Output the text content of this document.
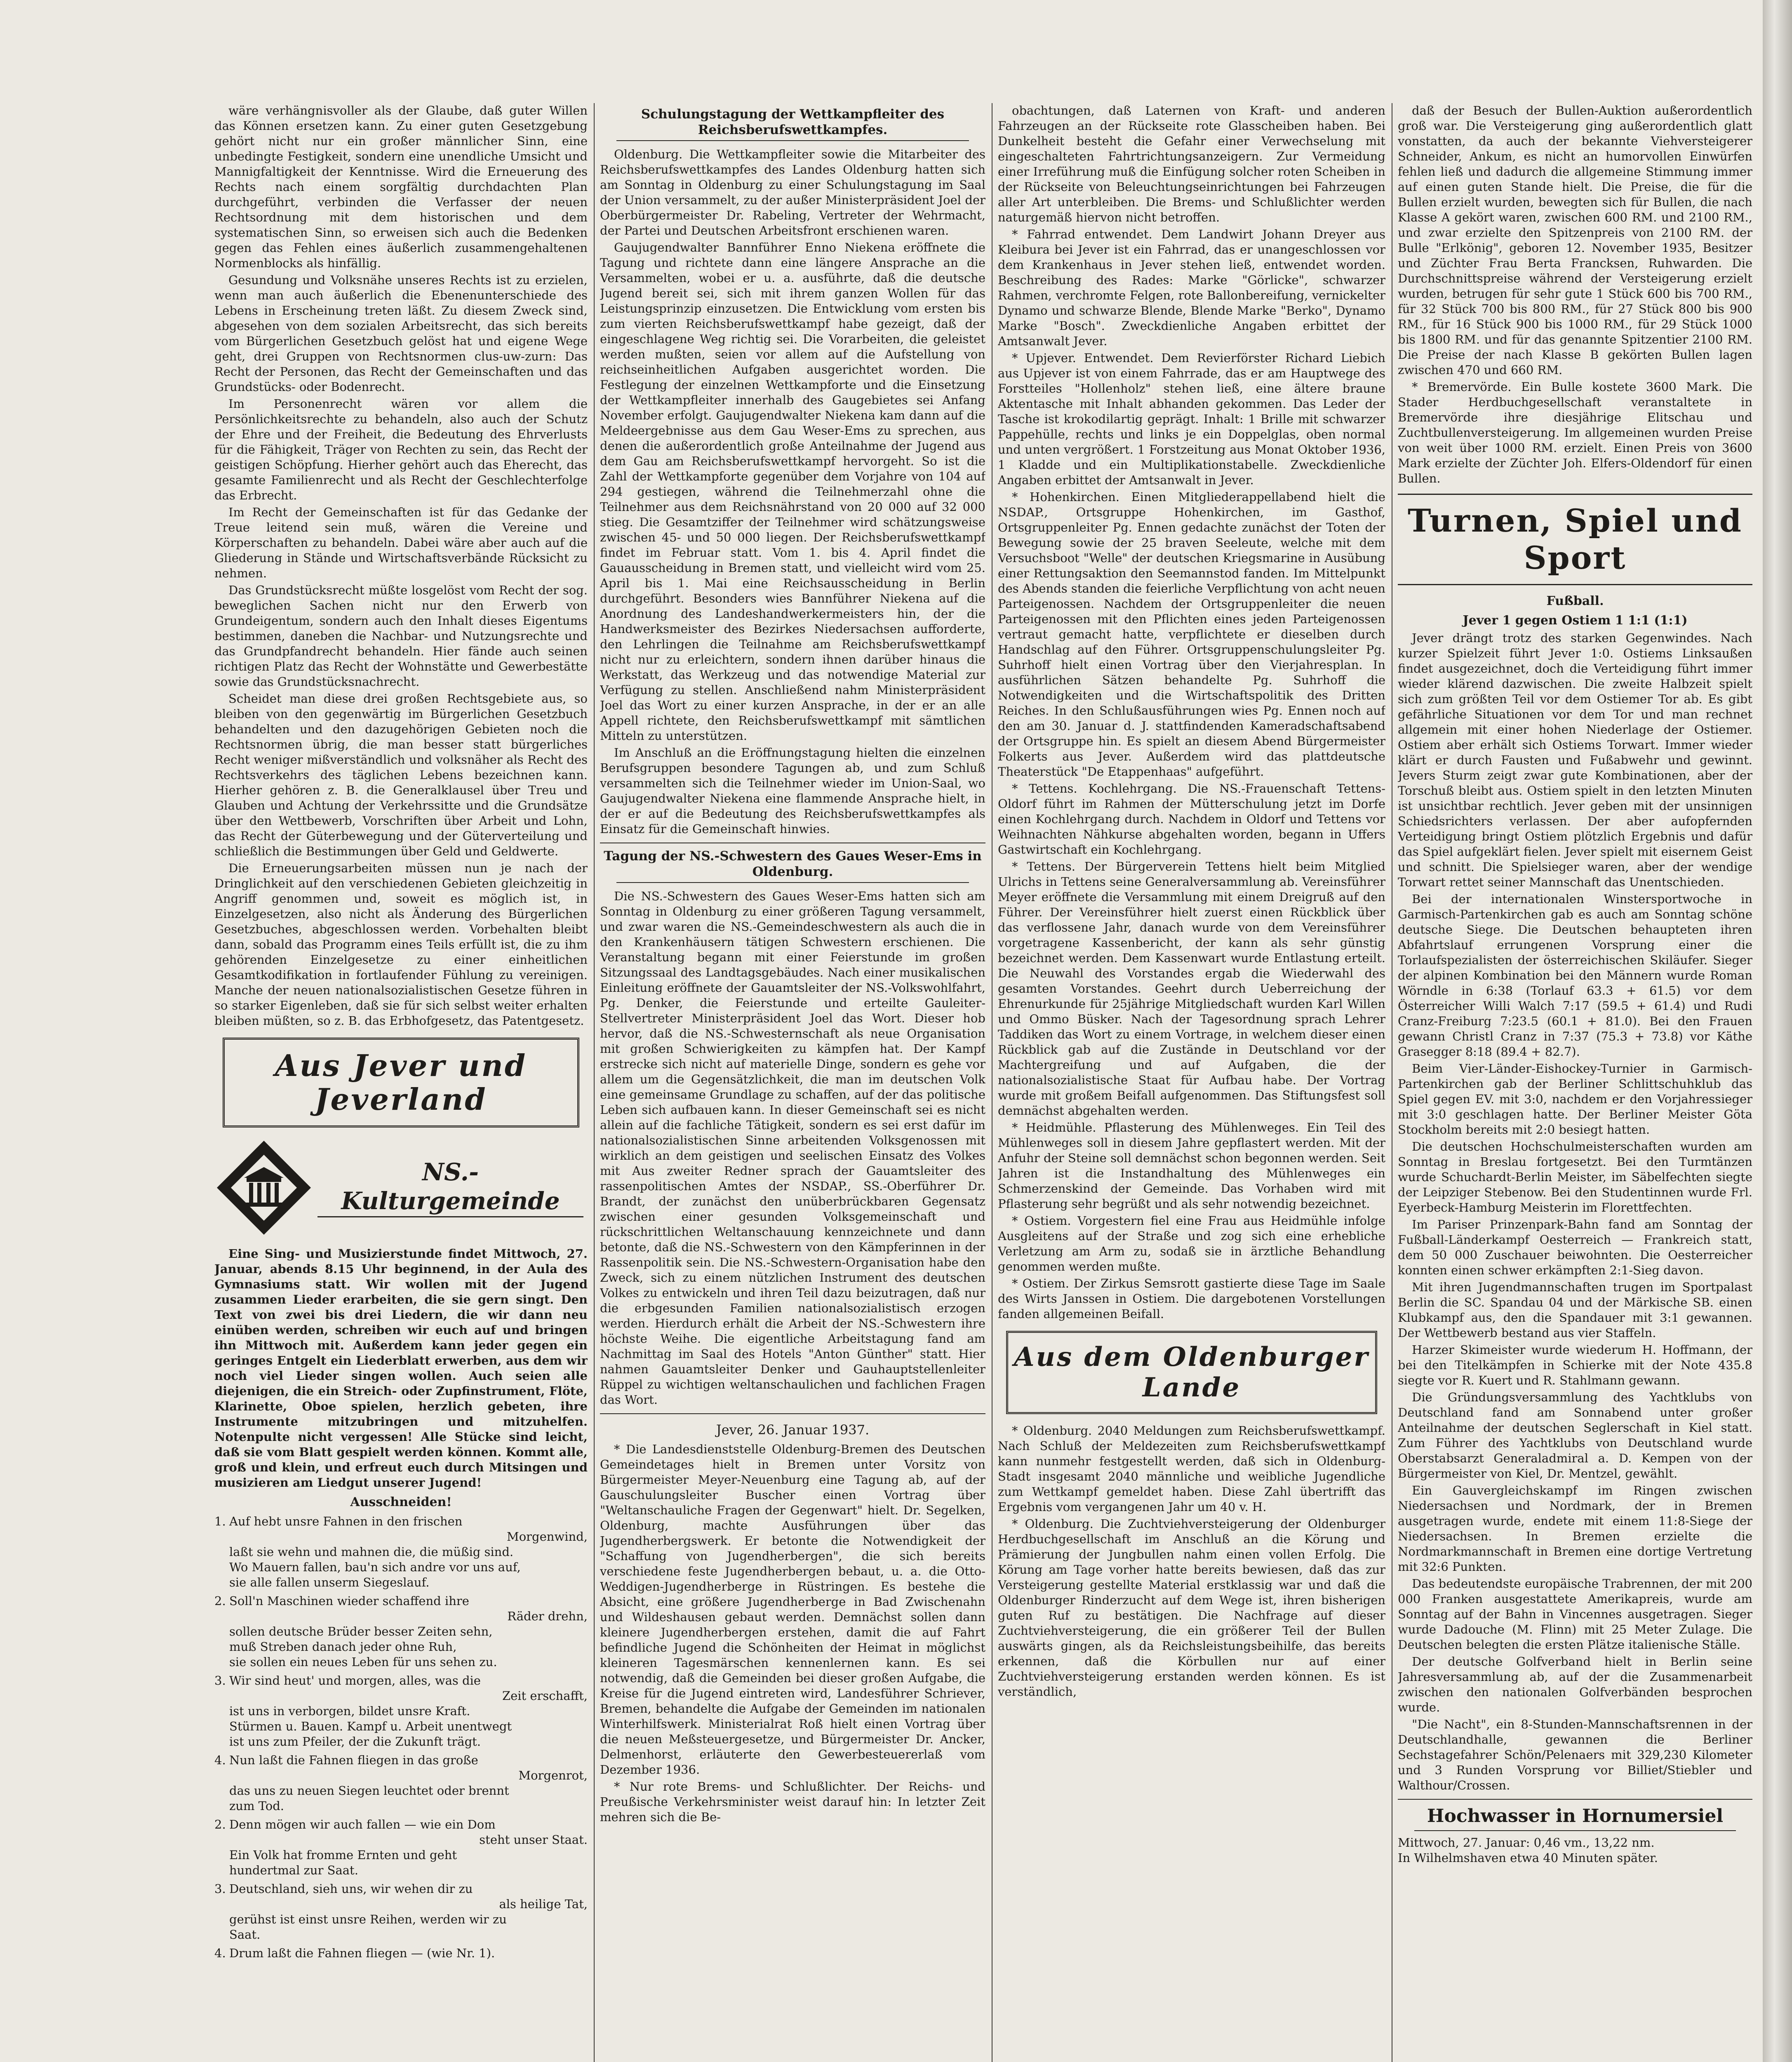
wäre verhängnisvoller als der Glaube, daß guter Willen das Können ersetzen kann. Zu einer guten Gesetzgebung gehört nicht nur ein großer männlicher Sinn, eine unbedingte Festigkeit, sondern eine unendliche Umsicht und Mannigfaltigkeit der Kenntnisse. Wird die Erneuerung des Rechts nach einem sorgfältig durchdachten Plan durchgeführt, verbinden die Verfasser der neuen Rechtsordnung mit dem historischen und dem systematischen Sinn, so erweisen sich auch die Bedenken gegen das Fehlen eines äußerlich zusammengehaltenen Normenblocks als hinfällig.

Gesundung und Volksnähe unseres Rechts ist zu erzielen, wenn man auch äußerlich die Ebenenunterschiede des Lebens in Erscheinung treten läßt. Zu diesem Zweck sind, abgesehen von dem sozialen Arbeitsrecht, das sich bereits vom Bürgerlichen Gesetzbuch gelöst hat und eigene Wege geht, drei Gruppen von Rechtsnormen clus-uw-zurn: Das Recht der Personen, das Recht der Gemeinschaften und das Grundstücks- oder Bodenrecht.

Im Personenrecht wären vor allem die Persönlichkeitsrechte zu behandeln, also auch der Schutz der Ehre und der Freiheit, die Bedeutung des Ehrverlusts für die Fähigkeit, Träger von Rechten zu sein, das Recht der geistigen Schöpfung. Hierher gehört auch das Eherecht, das gesamte Familienrecht und als Recht der Geschlechterfolge das Erbrecht.

Im Recht der Gemeinschaften ist für das Gedanke der Treue leitend sein muß, wären die Vereine und Körperschaften zu behandeln. Dabei wäre aber auch auf die Gliederung in Stände und Wirtschaftsverbände Rücksicht zu nehmen.

Das Grundstücksrecht müßte losgelöst vom Recht der sog. beweglichen Sachen nicht nur den Erwerb von Grundeigentum, sondern auch den Inhalt dieses Eigentums bestimmen, daneben die Nachbar- und Nutzungsrechte und das Grundpfandrecht behandeln. Hier fände auch seinen richtigen Platz das Recht der Wohnstätte und Gewerbestätte sowie das Grundstücksnachrecht.

Scheidet man diese drei großen Rechtsgebiete aus, so bleiben von den gegenwärtig im Bürgerlichen Gesetzbuch behandelten und den dazugehörigen Gebieten noch die Rechtsnormen übrig, die man besser statt bürgerliches Recht weniger mißverständlich und volksnäher als Recht des Rechtsverkehrs des täglichen Lebens bezeichnen kann. Hierher gehören z. B. die Generalklausel über Treu und Glauben und Achtung der Verkehrssitte und die Grundsätze über den Wettbewerb, Vorschriften über Arbeit und Lohn, das Recht der Güterbewegung und der Güterverteilung und schließlich die Bestimmungen über Geld und Geldwerte.

Die Erneuerungsarbeiten müssen nun je nach der Dringlichkeit auf den verschiedenen Gebieten gleichzeitig in Angriff genommen und, soweit es möglich ist, in Einzelgesetzen, also nicht als Änderung des Bürgerlichen Gesetzbuches, abgeschlossen werden. Vorbehalten bleibt dann, sobald das Programm eines Teils erfüllt ist, die zu ihm gehörenden Einzelgesetze zu einer einheitlichen Gesamtkodifikation in fortlaufender Fühlung zu vereinigen. Manche der neuen nationalsozialistischen Gesetze führen in so starker Eigenleben, daß sie für sich selbst weiter erhalten bleiben müßten, so z. B. das Erbhofgesetz, das Patentgesetz.

Aus Jever und Jeverland
NS.-Kulturgemeinde

Eine Sing- und Musizierstunde findet Mittwoch, 27. Januar, abends 8.15 Uhr beginnend, in der Aula des Gymnasiums statt. Wir wollen mit der Jugend zusammen Lieder erarbeiten, die sie gern singt. Den Text von zwei bis drei Liedern, die wir dann neu einüben werden, schreiben wir euch auf und bringen ihn Mittwoch mit. Außerdem kann jeder gegen ein geringes Entgelt ein Liederblatt erwerben, aus dem wir noch viel Lieder singen wollen. Auch seien alle diejenigen, die ein Streich- oder Zupfinstrument, Flöte, Klarinette, Oboe spielen, herzlich gebeten, ihre Instrumente mitzubringen und mitzuhelfen. Notenpulte nicht vergessen! Alle Stücke sind leicht, daß sie vom Blatt gespielt werden können. Kommt alle, groß und klein, und erfreut euch durch Mitsingen und musizieren am Liedgut unserer Jugend!

Ausschneiden!
1. Auf hebt unsre Fahnen in den frischen
Morgenwind,
laßt sie wehn und mahnen die, die müßig sind.
Wo Mauern fallen, bau'n sich andre vor uns auf,
sie alle fallen unserm Siegeslauf.
2. Soll'n Maschinen wieder schaffend ihre
Räder drehn,
sollen deutsche Brüder besser Zeiten sehn,
muß Streben danach jeder ohne Ruh,
sie sollen ein neues Leben für uns sehen zu.
3. Wir sind heut' und morgen, alles, was die
Zeit erschafft,
ist uns in verborgen, bildet unsre Kraft.
Stürmen u. Bauen. Kampf u. Arbeit unentwegt
ist uns zum Pfeiler, der die Zukunft trägt.
4. Nun laßt die Fahnen fliegen in das große
Morgenrot,
das uns zu neuen Siegen leuchtet oder brennt
zum Tod.
2. Denn mögen wir auch fallen — wie ein Dom
steht unser Staat.
Ein Volk hat fromme Ernten und geht
hundertmal zur Saat.
3. Deutschland, sieh uns, wir wehen dir zu
als heilige Tat,
gerühst ist einst unsre Reihen, werden wir zu
Saat.
4. Drum laßt die Fahnen fliegen — (wie Nr. 1).
Schulungstagung der Wettkampfleiter des Reichsberufswettkampfes.

Oldenburg. Die Wettkampfleiter sowie die Mitarbeiter des Reichsberufswettkampfes des Landes Oldenburg hatten sich am Sonntag in Oldenburg zu einer Schulungstagung im Saal der Union versammelt, zu der außer Ministerpräsident Joel der Oberbürgermeister Dr. Rabeling, Vertreter der Wehrmacht, der Partei und Deutschen Arbeitsfront erschienen waren.

Gaujugendwalter Bannführer Enno Niekena eröffnete die Tagung und richtete dann eine längere Ansprache an die Versammelten, wobei er u. a. ausführte, daß die deutsche Jugend bereit sei, sich mit ihrem ganzen Wollen für das Leistungsprinzip einzusetzen. Die Entwicklung vom ersten bis zum vierten Reichsberufswettkampf habe gezeigt, daß der eingeschlagene Weg richtig sei. Die Vorarbeiten, die geleistet werden mußten, seien vor allem auf die Aufstellung von reichseinheitlichen Aufgaben ausgerichtet worden. Die Festlegung der einzelnen Wettkampforte und die Einsetzung der Wettkampfleiter innerhalb des Gaugebietes sei Anfang November erfolgt. Gaujugendwalter Niekena kam dann auf die Meldeergebnisse aus dem Gau Weser-Ems zu sprechen, aus denen die außerordentlich große Anteilnahme der Jugend aus dem Gau am Reichsberufswettkampf hervorgeht. So ist die Zahl der Wettkampforte gegenüber dem Vorjahre von 104 auf 294 gestiegen, während die Teilnehmerzahl ohne die Teilnehmer aus dem Reichsnährstand von 20 000 auf 32 000 stieg. Die Gesamtziffer der Teilnehmer wird schätzungsweise zwischen 45- und 50 000 liegen. Der Reichsberufswettkampf findet im Februar statt. Vom 1. bis 4. April findet die Gauausscheidung in Bremen statt, und vielleicht wird vom 25. April bis 1. Mai eine Reichsausscheidung in Berlin durchgeführt. Besonders wies Bannführer Niekena auf die Anordnung des Landeshandwerkermeisters hin, der die Handwerksmeister des Bezirkes Niedersachsen aufforderte, den Lehrlingen die Teilnahme am Reichsberufswettkampf nicht nur zu erleichtern, sondern ihnen darüber hinaus die Werkstatt, das Werkzeug und das notwendige Material zur Verfügung zu stellen. Anschließend nahm Ministerpräsident Joel das Wort zu einer kurzen Ansprache, in der er an alle Appell richtete, den Reichsberufswettkampf mit sämtlichen Mitteln zu unterstützen.

Im Anschluß an die Eröffnungstagung hielten die einzelnen Berufsgruppen besondere Tagungen ab, und zum Schluß versammelten sich die Teilnehmer wieder im Union-Saal, wo Gaujugendwalter Niekena eine flammende Ansprache hielt, in der er auf die Bedeutung des Reichsberufswettkampfes als Einsatz für die Gemeinschaft hinwies.

Tagung der NS.-Schwestern des Gaues Weser-Ems in Oldenburg.

Die NS.-Schwestern des Gaues Weser-Ems hatten sich am Sonntag in Oldenburg zu einer größeren Tagung versammelt, und zwar waren die NS.-Gemeindeschwestern als auch die in den Krankenhäusern tätigen Schwestern erschienen. Die Veranstaltung begann mit einer Feierstunde im großen Sitzungssaal des Landtagsgebäudes. Nach einer musikalischen Einleitung eröffnete der Gauamtsleiter der NS.-Volkswohlfahrt, Pg. Denker, die Feierstunde und erteilte Gauleiter-Stellvertreter Ministerpräsident Joel das Wort. Dieser hob hervor, daß die NS.-Schwesternschaft als neue Organisation mit großen Schwierigkeiten zu kämpfen hat. Der Kampf erstrecke sich nicht auf materielle Dinge, sondern es gehe vor allem um die Gegensätzlichkeit, die man im deutschen Volk eine gemeinsame Grundlage zu schaffen, auf der das politische Leben sich aufbauen kann. In dieser Gemeinschaft sei es nicht allein auf die fachliche Tätigkeit, sondern es sei erst dafür im nationalsozialistischen Sinne arbeitenden Volksgenossen mit wirklich an dem geistigen und seelischen Einsatz des Volkes mit Aus zweiter Redner sprach der Gauamtsleiter des rassenpolitischen Amtes der NSDAP., SS.-Oberführer Dr. Brandt, der zunächst den unüberbrückbaren Gegensatz zwischen einer gesunden Volksgemeinschaft und rückschrittlichen Weltanschauung kennzeichnete und dann betonte, daß die NS.-Schwestern von den Kämpferinnen in der Rassenpolitik sein. Die NS.-Schwestern-Organisation habe den Zweck, sich zu einem nützlichen Instrument des deutschen Volkes zu entwickeln und ihren Teil dazu beizutragen, daß nur die erbgesunden Familien nationalsozialistisch erzogen werden. Hierdurch erhält die Arbeit der NS.-Schwestern ihre höchste Weihe. Die eigentliche Arbeitstagung fand am Nachmittag im Saal des Hotels "Anton Günther" statt. Hier nahmen Gauamtsleiter Denker und Gauhauptstellenleiter Rüppel zu wichtigen weltanschaulichen und fachlichen Fragen das Wort.

Jever, 26. Januar 1937.

* Die Landesdienststelle Oldenburg-Bremen des Deutschen Gemeindetages hielt in Bremen unter Vorsitz von Bürgermeister Meyer-Neuenburg eine Tagung ab, auf der Gauschulungsleiter Buscher einen Vortrag über "Weltanschauliche Fragen der Gegenwart" hielt. Dr. Segelken, Oldenburg, machte Ausführungen über das Jugendherbergswerk. Er betonte die Notwendigkeit der "Schaffung von Jugendherbergen", die sich bereits verschiedene feste Jugendherbergen bebaut, u. a. die Otto-Weddigen-Jugendherberge in Rüstringen. Es bestehe die Absicht, eine größere Jugendherberge in Bad Zwischenahn und Wildeshausen gebaut werden. Demnächst sollen dann kleinere Jugendherbergen erstehen, damit die auf Fahrt befindliche Jugend die Schönheiten der Heimat in möglichst kleineren Tagesmärschen kennenlernen kann. Es sei notwendig, daß die Gemeinden bei dieser großen Aufgabe, die Kreise für die Jugend eintreten wird, Landesführer Schriever, Bremen, behandelte die Aufgabe der Gemeinden im nationalen Winterhilfswerk. Ministerialrat Roß hielt einen Vortrag über die neuen Meßsteuergesetze, und Bürgermeister Dr. Ancker, Delmenhorst, erläuterte den Gewerbesteuererlaß vom Dezember 1936.

* Nur rote Brems- und Schlußlichter. Der Reichs- und Preußische Verkehrsminister weist darauf hin: In letzter Zeit mehren sich die Be-

obachtungen, daß Laternen von Kraft- und anderen Fahrzeugen an der Rückseite rote Glasscheiben haben. Bei Dunkelheit besteht die Gefahr einer Verwechselung mit eingeschalteten Fahrtrichtungsanzeigern. Zur Vermeidung einer Irreführung muß die Einfügung solcher roten Scheiben in der Rückseite von Beleuchtungseinrichtungen bei Fahrzeugen aller Art unterbleiben. Die Brems- und Schlußlichter werden naturgemäß hiervon nicht betroffen.

* Fahrrad entwendet. Dem Landwirt Johann Dreyer aus Kleibura bei Jever ist ein Fahrrad, das er unangeschlossen vor dem Krankenhaus in Jever stehen ließ, entwendet worden. Beschreibung des Rades: Marke "Görlicke", schwarzer Rahmen, verchromte Felgen, rote Ballonbereifung, vernickelter Dynamo und schwarze Blende, Blende Marke "Berko", Dynamo Marke "Bosch". Zweckdienliche Angaben erbittet der Amtsanwalt Jever.

* Upjever. Entwendet. Dem Revierförster Richard Liebich aus Upjever ist von einem Fahrrade, das er am Hauptwege des Forstteiles "Hollenholz" stehen ließ, eine ältere braune Aktentasche mit Inhalt abhanden gekommen. Das Leder der Tasche ist krokodilartig geprägt. Inhalt: 1 Brille mit schwarzer Pappehülle, rechts und links je ein Doppelglas, oben normal und unten vergrößert. 1 Forstzeitung aus Monat Oktober 1936, 1 Kladde und ein Multiplikationstabelle. Zweckdienliche Angaben erbittet der Amtsanwalt in Jever.

* Hohenkirchen. Einen Mitgliederappellabend hielt die NSDAP., Ortsgruppe Hohenkirchen, im Gasthof, Ortsgruppenleiter Pg. Ennen gedachte zunächst der Toten der Bewegung sowie der 25 braven Seeleute, welche mit dem Versuchsboot "Welle" der deutschen Kriegsmarine in Ausübung einer Rettungsaktion den Seemannstod fanden. Im Mittelpunkt des Abends standen die feierliche Verpflichtung von acht neuen Parteigenossen. Nachdem der Ortsgruppenleiter die neuen Parteigenossen mit den Pflichten eines jeden Parteigenossen vertraut gemacht hatte, verpflichtete er dieselben durch Handschlag auf den Führer. Ortsgruppenschulungsleiter Pg. Suhrhoff hielt einen Vortrag über den Vierjahresplan. In ausführlichen Sätzen behandelte Pg. Suhrhoff die Notwendigkeiten und die Wirtschaftspolitik des Dritten Reiches. In den Schlußausführungen wies Pg. Ennen noch auf den am 30. Januar d. J. stattfindenden Kameradschaftsabend der Ortsgruppe hin. Es spielt an diesem Abend Bürgermeister Folkerts aus Jever. Außerdem wird das plattdeutsche Theaterstück "De Etappenhaas" aufgeführt.

* Tettens. Kochlehrgang. Die NS.-Frauenschaft Tettens-Oldorf führt im Rahmen der Mütterschulung jetzt im Dorfe einen Kochlehrgang durch. Nachdem in Oldorf und Tettens vor Weihnachten Nähkurse abgehalten worden, begann in Uffers Gastwirtschaft ein Kochlehrgang.

* Tettens. Der Bürgerverein Tettens hielt beim Mitglied Ulrichs in Tettens seine Generalversammlung ab. Vereinsführer Meyer eröffnete die Versammlung mit einem Dreigruß auf den Führer. Der Vereinsführer hielt zuerst einen Rückblick über das verflossene Jahr, danach wurde von dem Vereinsführer vorgetragene Kassenbericht, der kann als sehr günstig bezeichnet werden. Dem Kassenwart wurde Entlastung erteilt. Die Neuwahl des Vorstandes ergab die Wiederwahl des gesamten Vorstandes. Geehrt durch Ueberreichung der Ehrenurkunde für 25jährige Mitgliedschaft wurden Karl Willen und Ommo Büsker. Nach der Tagesordnung sprach Lehrer Taddiken das Wort zu einem Vortrage, in welchem dieser einen Rückblick gab auf die Zustände in Deutschland vor der Machtergreifung und auf Aufgaben, die der nationalsozialistische Staat für Aufbau habe. Der Vortrag wurde mit großem Beifall aufgenommen. Das Stiftungsfest soll demnächst abgehalten werden.

* Heidmühle. Pflasterung des Mühlenweges. Ein Teil des Mühlenweges soll in diesem Jahre gepflastert werden. Mit der Anfuhr der Steine soll demnächst schon begonnen werden. Seit Jahren ist die Instandhaltung des Mühlenweges ein Schmerzenskind der Gemeinde. Das Vorhaben wird mit Pflasterung sehr begrüßt und als sehr notwendig bezeichnet.

* Ostiem. Vorgestern fiel eine Frau aus Heidmühle infolge Ausgleitens auf der Straße und zog sich eine erhebliche Verletzung am Arm zu, sodaß sie in ärztliche Behandlung genommen werden mußte.

* Ostiem. Der Zirkus Semsrott gastierte diese Tage im Saale des Wirts Janssen in Ostiem. Die dargebotenen Vorstellungen fanden allgemeinen Beifall.

Aus dem Oldenburger Lande

* Oldenburg. 2040 Meldungen zum Reichsberufswettkampf. Nach Schluß der Meldezeiten zum Reichsberufswettkampf kann nunmehr festgestellt werden, daß sich in Oldenburg-Stadt insgesamt 2040 männliche und weibliche Jugendliche zum Wettkampf gemeldet haben. Diese Zahl übertrifft das Ergebnis vom vergangenen Jahr um 40 v. H.

* Oldenburg. Die Zuchtviehversteigerung der Oldenburger Herdbuchgesellschaft im Anschluß an die Körung und Prämierung der Jungbullen nahm einen vollen Erfolg. Die Körung am Tage vorher hatte bereits bewiesen, daß das zur Versteigerung gestellte Material erstklassig war und daß die Oldenburger Rinderzucht auf dem Wege ist, ihren bisherigen guten Ruf zu bestätigen. Die Nachfrage auf dieser Zuchtviehversteigerung, die ein größerer Teil der Bullen auswärts gingen, als da Reichsleistungsbeihilfe, das bereits erkennen, daß die Körbullen nur auf einer Zuchtviehversteigerung erstanden werden können. Es ist verständlich,

daß der Besuch der Bullen-Auktion außerordentlich groß war. Die Versteigerung ging außerordentlich glatt vonstatten, da auch der bekannte Viehversteigerer Schneider, Ankum, es nicht an humorvollen Einwürfen fehlen ließ und dadurch die allgemeine Stimmung immer auf einen guten Stande hielt. Die Preise, die für die Bullen erzielt wurden, bewegten sich für Bullen, die nach Klasse A gekört waren, zwischen 600 RM. und 2100 RM., und zwar erzielte den Spitzenpreis von 2100 RM. der Bulle "Erlkönig", geboren 12. November 1935, Besitzer und Züchter Frau Berta Francksen, Ruhwarden. Die Durchschnittspreise während der Versteigerung erzielt wurden, betrugen für sehr gute 1 Stück 600 bis 700 RM., für 32 Stück 700 bis 800 RM., für 27 Stück 800 bis 900 RM., für 16 Stück 900 bis 1000 RM., für 29 Stück 1000 bis 1800 RM. und für das genannte Spitzentier 2100 RM. Die Preise der nach Klasse B gekörten Bullen lagen zwischen 470 und 660 RM.

* Bremervörde. Ein Bulle kostete 3600 Mark. Die Stader Herdbuchgesellschaft veranstaltete in Bremervörde ihre diesjährige Elitschau und Zuchtbullenversteigerung. Im allgemeinen wurden Preise von weit über 1000 RM. erzielt. Einen Preis von 3600 Mark erzielte der Züchter Joh. Elfers-Oldendorf für einen Bullen.

Turnen, Spiel und Sport
Fußball.
Jever 1 gegen Ostiem 1 1:1 (1:1)

Jever drängt trotz des starken Gegenwindes. Nach kurzer Spielzeit führt Jever 1:0. Ostiems Linksaußen findet ausgezeichnet, doch die Verteidigung führt immer wieder klärend dazwischen. Die zweite Halbzeit spielt sich zum größten Teil vor dem Ostiemer Tor ab. Es gibt gefährliche Situationen vor dem Tor und man rechnet allgemein mit einer hohen Niederlage der Ostiemer. Ostiem aber erhält sich Ostiems Torwart. Immer wieder klärt er durch Fausten und Fußabwehr und gewinnt. Jevers Sturm zeigt zwar gute Kombinationen, aber der Torschuß bleibt aus. Ostiem spielt in den letzten Minuten ist unsichtbar rechtlich. Jever geben mit der unsinnigen Schiedsrichters verlassen. Der aber aufopfernden Verteidigung bringt Ostiem plötzlich Ergebnis und dafür das Spiel aufgeklärt fielen. Jever spielt mit eisernem Geist und schnitt. Die Spielsieger waren, aber der wendige Torwart rettet seiner Mannschaft das Unentschieden.

Bei der internationalen Winstersportwoche in Garmisch-Partenkirchen gab es auch am Sonntag schöne deutsche Siege. Die Deutschen behaupteten ihren Abfahrtslauf errungenen Vorsprung einer die Torlaufspezialisten der österreichischen Skiläufer. Sieger der alpinen Kombination bei den Männern wurde Roman Wörndle in 6:38 (Torlauf 63.3 + 61.5) vor dem Österreicher Willi Walch 7:17 (59.5 + 61.4) und Rudi Cranz-Freiburg 7:23.5 (60.1 + 81.0). Bei den Frauen gewann Christl Cranz in 7:37 (75.3 + 73.8) vor Käthe Grasegger 8:18 (89.4 + 82.7).

Beim Vier-Länder-Eishockey-Turnier in Garmisch-Partenkirchen gab der Berliner Schlittschuhklub das Spiel gegen EV. mit 3:0, nachdem er den Vorjahressieger mit 3:0 geschlagen hatte. Der Berliner Meister Göta Stockholm bereits mit 2:0 besiegt hatten.

Die deutschen Hochschulmeisterschaften wurden am Sonntag in Breslau fortgesetzt. Bei den Turmtänzen wurde Schuchardt-Berlin Meister, im Säbelfechten siegte der Leipziger Stebenow. Bei den Studentinnen wurde Frl. Eyerbeck-Hamburg Meisterin im Florettfechten.

Im Pariser Prinzenpark-Bahn fand am Sonntag der Fußball-Länderkampf Oesterreich — Frankreich statt, dem 50 000 Zuschauer beiwohnten. Die Oesterreicher konnten einen schwer erkämpften 2:1-Sieg davon.

Mit ihren Jugendmannschaften trugen im Sportpalast Berlin die SC. Spandau 04 und der Märkische SB. einen Klubkampf aus, den die Spandauer mit 3:1 gewannen. Der Wettbewerb bestand aus vier Staffeln.

Harzer Skimeister wurde wiederum H. Hoffmann, der bei den Titelkämpfen in Schierke mit der Note 435.8 siegte vor R. Kuert und R. Stahlmann gewann.

Die Gründungsversammlung des Yachtklubs von Deutschland fand am Sonnabend unter großer Anteilnahme der deutschen Seglerschaft in Kiel statt. Zum Führer des Yachtklubs von Deutschland wurde Oberstabsarzt Generaladmiral a. D. Kempen von der Bürgermeister von Kiel, Dr. Mentzel, gewählt.

Ein Gauvergleichskampf im Ringen zwischen Niedersachsen und Nordmark, der in Bremen ausgetragen wurde, endete mit einem 11:8-Siege der Niedersachsen. In Bremen erzielte die Nordmarkmannschaft in Bremen eine dortige Vertretung mit 32:6 Punkten.

Das bedeutendste europäische Trabrennen, der mit 200 000 Franken ausgestattete Amerikapreis, wurde am Sonntag auf der Bahn in Vincennes ausgetragen. Sieger wurde Dadouche (M. Flinn) mit 25 Meter Zulage. Die Deutschen belegten die ersten Plätze italienische Ställe.

Der deutsche Golfverband hielt in Berlin seine Jahresversammlung ab, auf der die Zusammenarbeit zwischen den nationalen Golfverbänden besprochen wurde.

"Die Nacht", ein 8-Stunden-Mannschaftsrennen in der Deutschlandhalle, gewannen die Berliner Sechstagefahrer Schön/Pelenaers mit 329,230 Kilometer und 3 Runden Vorsprung vor Billiet/Stiebler und Walthour/Crossen.

Hochwasser in Hornumersiel
Mittwoch, 27. Januar: 0,46 vm., 13,22 nm.
In Wilhelmshaven etwa 40 Minuten später.
